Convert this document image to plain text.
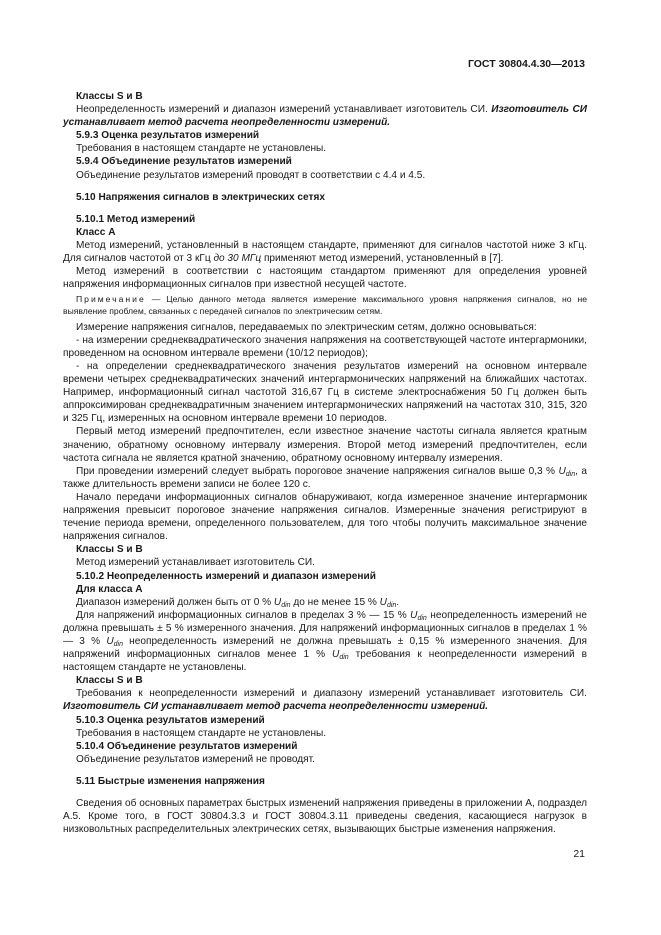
ГОСТ 30804.4.30—2013

Классы S и В

Неопределенность измерений и диапазон измерений устанавливает изготовитель СИ. Изготовитель СИ устанавливает метод расчета неопределенности измерений.

5.9.3 Оценка результатов измерений

Требования в настоящем стандарте не установлены.

5.9.4 Объединение результатов измерений

Объединение результатов измерений проводят в соответствии с 4.4 и 4.5.

5.10 Напряжения сигналов в электрических сетях

5.10.1 Метод измерений

Класс А

Метод измерений, установленный в настоящем стандарте, применяют для сигналов частотой ниже 3 кГц. Для сигналов частотой от 3 кГц до 30 МГц применяют метод измерений, установленный в [7].

Метод измерений в соответствии с настоящим стандартом применяют для определения уровней напряжения информационных сигналов при известной несущей частоте.

Примечание — Целью данного метода является измерение максимального уровня напряжения сигналов, но не выявление проблем, связанных с передачей сигналов по электрическим сетям.

Измерение напряжения сигналов, передаваемых по электрическим сетям, должно основываться:

- на измерении среднеквадратического значения напряжения на соответствующей частоте интергармоники, проведенном на основном интервале времени (10/12 периодов);

- на определении среднеквадратического значения результатов измерений на основном интервале времени четырех среднеквадратических значений интергармонических напряжений на ближайших частотах. Например, информационный сигнал частотой 316,67 Гц в системе электроснабжения 50 Гц должен быть аппроксимирован среднеквадратичным значением интергармонических напряжений на частотах 310, 315, 320 и 325 Гц, измеренных на основном интервале времени 10 периодов.

Первый метод измерений предпочтителен, если известное значение частоты сигнала является кратным значению, обратному основному интервалу измерения. Второй метод измерений предпочтителен, если частота сигнала не является кратной значению, обратному основному интервалу измерения.

При проведении измерений следует выбрать пороговое значение напряжения сигналов выше 0,3 % $U_{din}$, а также длительность времени записи не более 120 с.

Начало передачи информационных сигналов обнаруживают, когда измеренное значение интергармоник напряжения превысит пороговое значение напряжения сигналов. Измеренные значения регистрируют в течение периода времени, определенного пользователем, для того чтобы получить максимальное значение напряжения сигналов.

Классы S и В

Метод измерений устанавливает изготовитель СИ.

5.10.2 Неопределенность измерений и диапазон измерений

Для класса А

Диапазон измерений должен быть от 0 % $U_{din}$ до не менее 15 % $U_{din}$.

Для напряжений информационных сигналов в пределах 3 % — 15 % $U_{din}$ неопределенность измерений не должна превышать ± 5 % измеренного значения. Для напряжений информационных сигналов в пределах 1 % — 3 % $U_{din}$ неопределенность измерений не должна превышать ± 0,15 % измеренного значения. Для напряжений информационных сигналов менее 1 % $U_{din}$ требования к неопределенности измерений в настоящем стандарте не установлены.

Классы S и В

Требования к неопределенности измерений и диапазону измерений устанавливает изготовитель СИ. Изготовитель СИ устанавливает метод расчета неопределенности измерений.

5.10.3 Оценка результатов измерений

Требования в настоящем стандарте не установлены.

5.10.4 Объединение результатов измерений

Объединение результатов измерений не проводят.

5.11 Быстрые изменения напряжения

Сведения об основных параметрах быстрых изменений напряжения приведены в приложении А, подраздел А.5. Кроме того, в ГОСТ 30804.3.3 и ГОСТ 30804.3.11 приведены сведения, касающиеся нагрузок в низковольтных распределительных электрических сетях, вызывающих быстрые изменения напряжения.

21
